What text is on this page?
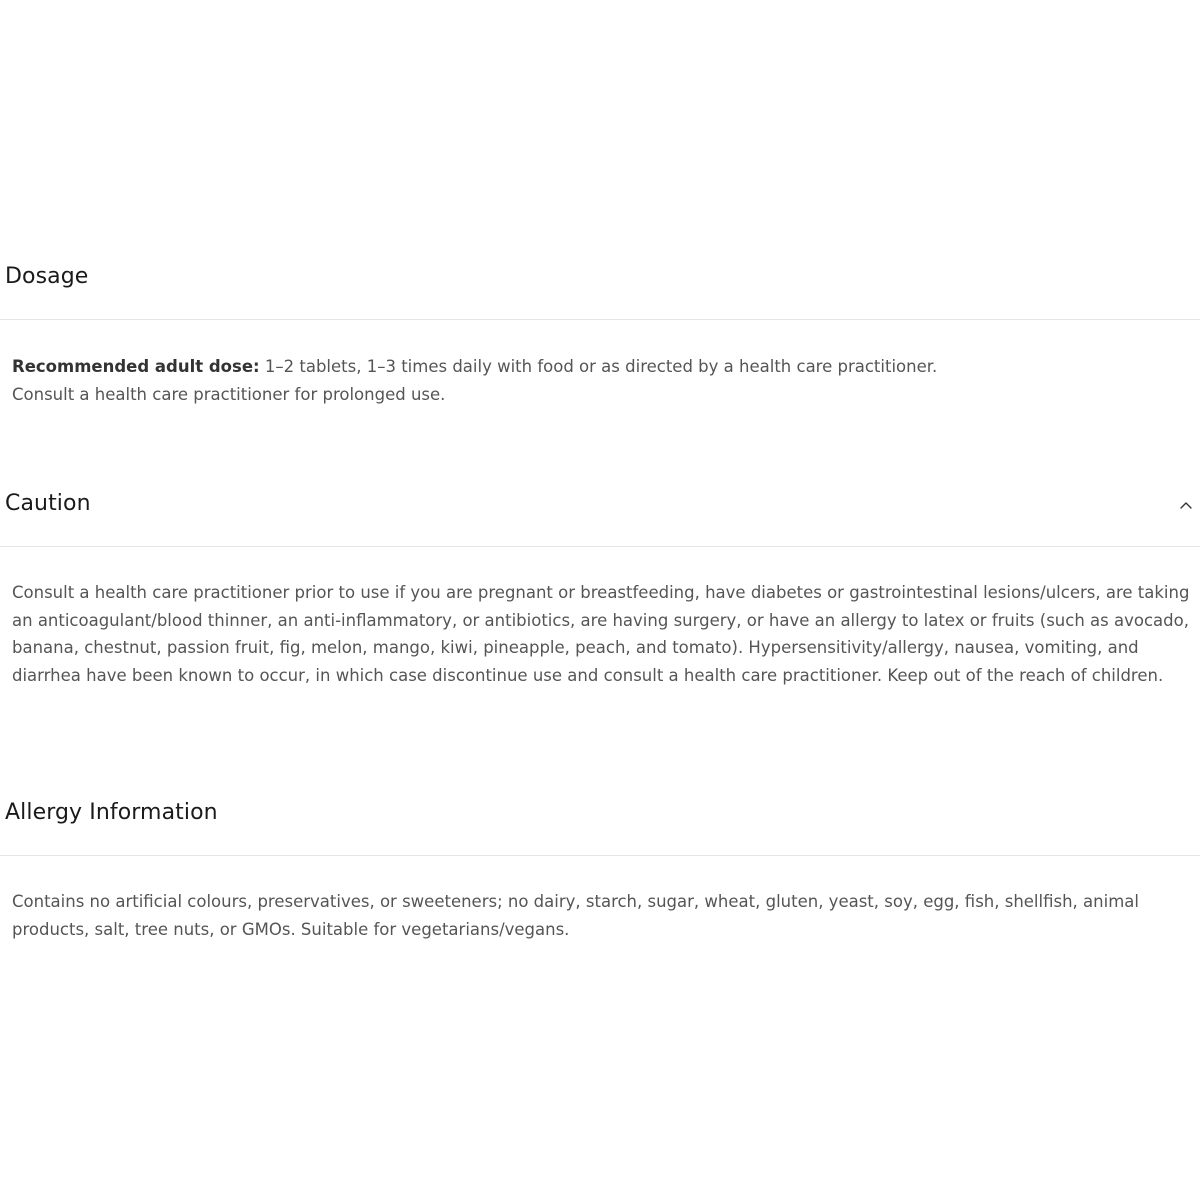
Dosage

Recommended adult dose: 1–2 tablets, 1–3 times daily with food or as directed by a health care practitioner.

Consult a health care practitioner for prolonged use.

Caution

Consult a health care practitioner prior to use if you are pregnant or breastfeeding, have diabetes or gastrointestinal lesions/ulcers, are taking an anticoagulant/blood thinner, an anti-inflammatory, or antibiotics, are having surgery, or have an allergy to latex or fruits (such as avocado, banana, chestnut, passion fruit, fig, melon, mango, kiwi, pineapple, peach, and tomato). Hypersensitivity/allergy, nausea, vomiting, and diarrhea have been known to occur, in which case discontinue use and consult a health care practitioner. Keep out of the reach of children.

Allergy Information

Contains no artificial colours, preservatives, or sweeteners; no dairy, starch, sugar, wheat, gluten, yeast, soy, egg, fish, shellfish, animal products, salt, tree nuts, or GMOs. Suitable for vegetarians/vegans.
